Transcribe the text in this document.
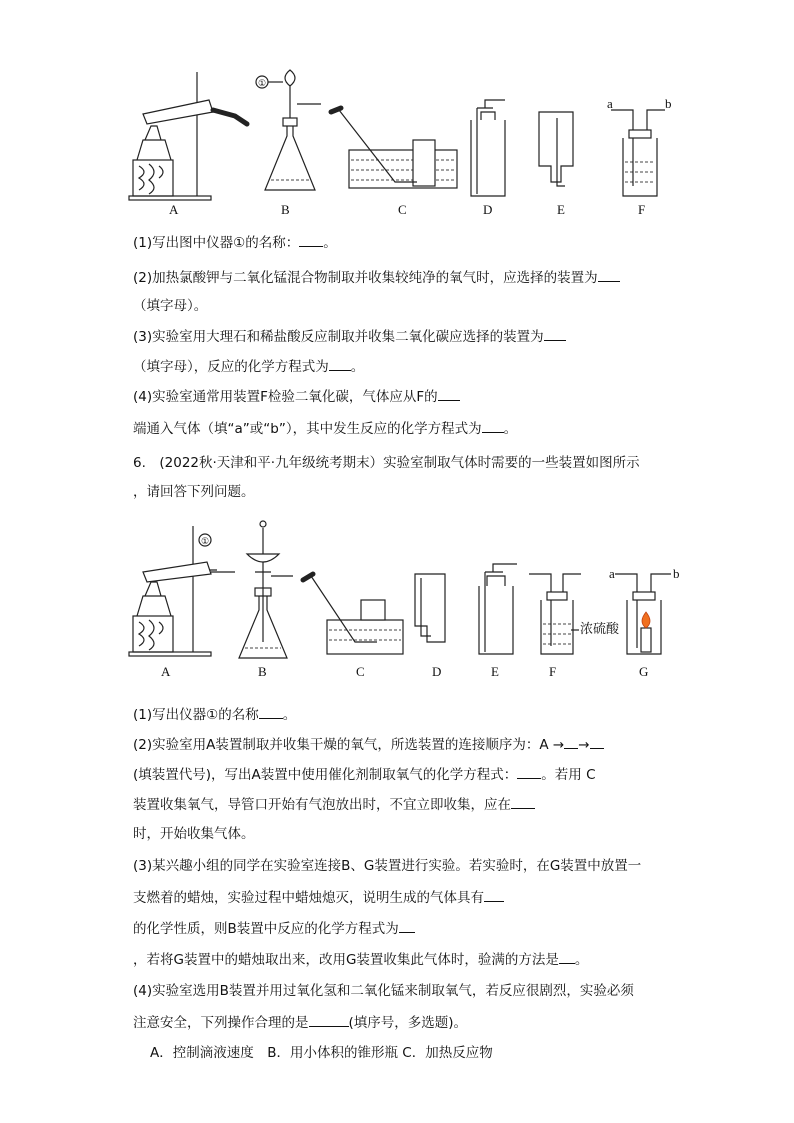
A
①
B	C	D	E
a	b
F
(1)写出图中仪器①的名称： 。
(2)加热氯酸钾与二氧化锰混合物制取并收集较纯净的氧气时，应选择的装置为
（填字母）。
(3)实验室用大理石和稀盐酸反应制取并收集二氧化碳应选择的装置为
（填字母），反应的化学方程式为 。
(4)实验室通常用装置F检验二氧化碳，气体应从F的
端通入气体（填“a”或“b”），其中发生反应的化学方程式为 。
6.　(2022秋·天津和平·九年级统考期末）实验室制取气体时需要的一些装置如图所示
，请回答下列问题。
①
A	B	C	D	E	F
a	b
G
浓硫酸
(1)写出仪器①的名称 。
(2)实验室用A装置制取并收集干燥的氧气，所选装置的连接顺序为：A → →
(填装置代号)，写出A装置中使用催化剂制取氧气的化学方程式： 。若用 C
装置收集氧气，导管口开始有气泡放出时，不宜立即收集，应在
时，开始收集气体。
(3)某兴趣小组的同学在实验室连接B、G装置进行实验。若实验时，在G装置中放置一
支燃着的蜡烛，实验过程中蜡烛熄灭，说明生成的气体具有
的化学性质，则B装置中反应的化学方程式为
，若将G装置中的蜡烛取出来，改用G装置收集此气体时，验满的方法是 。
(4)实验室选用B装置并用过氧化氢和二氧化锰来制取氧气，若反应很剧烈，实验必须
注意安全，下列操作合理的是	(填序号，多选题)。
A．控制滴液速度　B．用小体积的锥形瓶 C．加热反应物
